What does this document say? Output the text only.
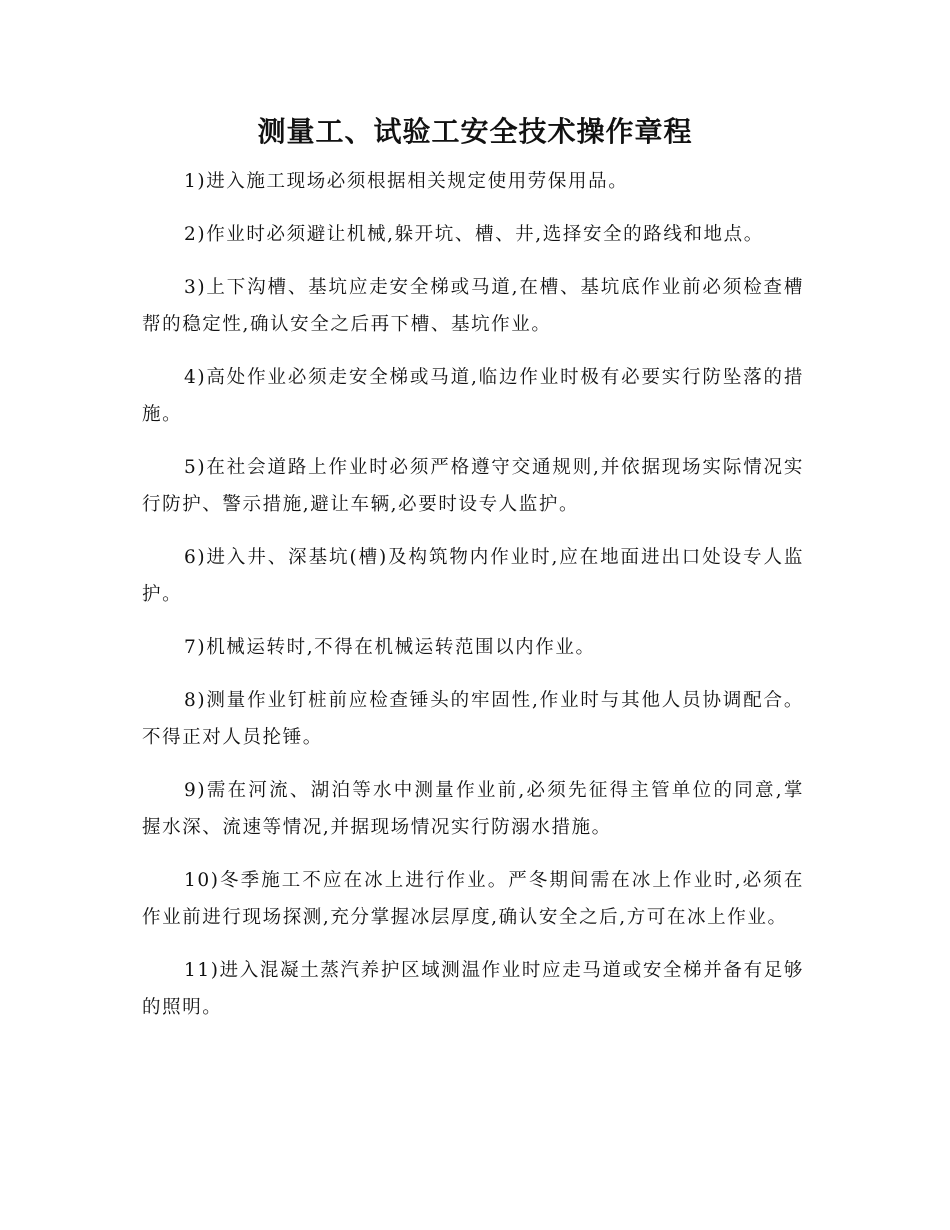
测量工、试验工安全技术操作章程

1)进入施工现场必须根据相关规定使用劳保用品。

2)作业时必须避让机械,躲开坑、槽、井,选择安全的路线和地点。

3)上下沟槽、基坑应走安全梯或马道,在槽、基坑底作业前必须检查槽帮的稳定性,确认安全之后再下槽、基坑作业。

4)高处作业必须走安全梯或马道,临边作业时极有必要实行防坠落的措施。

5)在社会道路上作业时必须严格遵守交通规则,并依据现场实际情况实行防护、警示措施,避让车辆,必要时设专人监护。

6)进入井、深基坑(槽)及构筑物内作业时,应在地面进出口处设专人监护。

7)机械运转时,不得在机械运转范围以内作业。

8)测量作业钉桩前应检查锤头的牢固性,作业时与其他人员协调配合。不得正对人员抡锤。

9)需在河流、湖泊等水中测量作业前,必须先征得主管单位的同意,掌握水深、流速等情况,并据现场情况实行防溺水措施。

10)冬季施工不应在冰上进行作业。严冬期间需在冰上作业时,必须在作业前进行现场探测,充分掌握冰层厚度,确认安全之后,方可在冰上作业。

11)进入混凝土蒸汽养护区域测温作业时应走马道或安全梯并备有足够的照明。
